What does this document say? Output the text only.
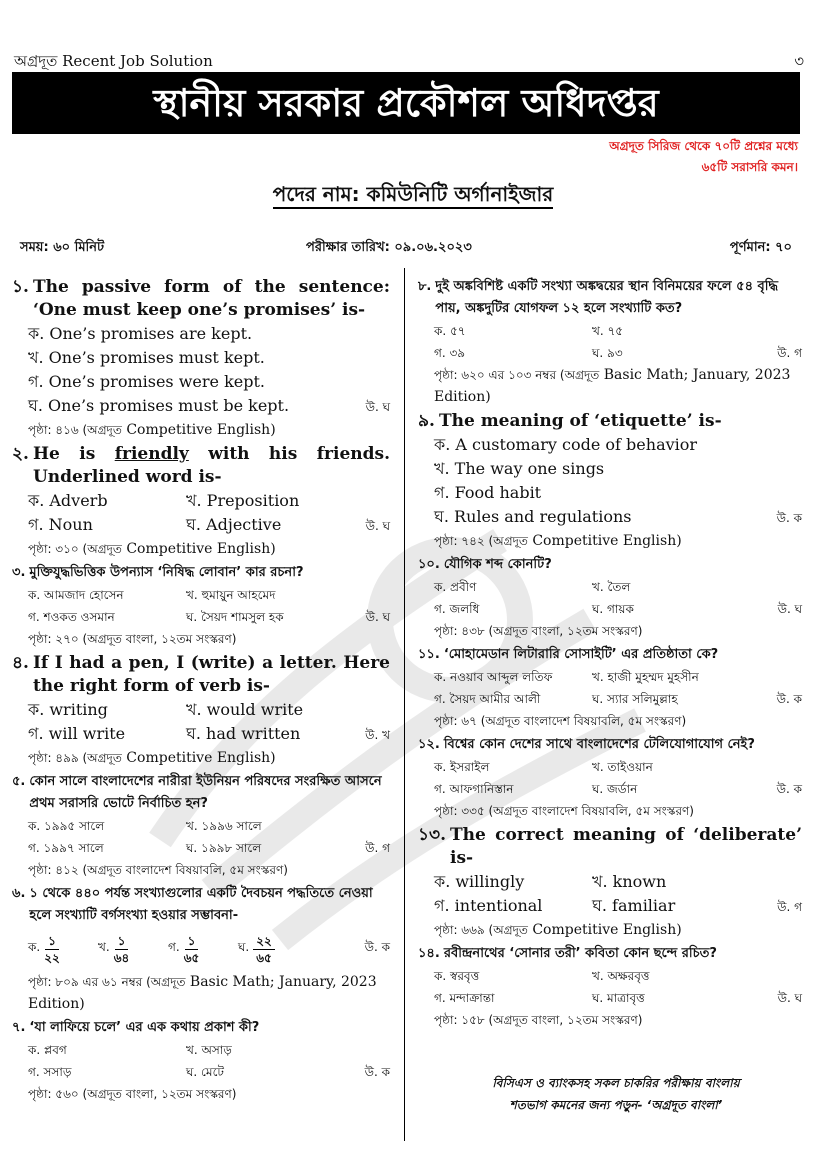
অগ্রদূত Recent Job Solution	৩
স্থানীয় সরকার প্রকৌশল অধিদপ্তর
অগ্রদূত সিরিজ থেকে ৭০টি প্রশ্নের মধ্যে
৬৫টি সরাসরি কমন।
পদের নাম: কমিউনিটি অর্গানাইজার
সময়: ৬০ মিনিট	পরীক্ষার তারিখ: ০৯.০৬.২০২৩	পূর্ণমান: ৭০
১. The passive form of the sentence: ‘One must keep one’s promises’ is-
ক. One’s promises are kept.
খ. One’s promises must kept.
গ. One’s promises were kept.
ঘ. One’s promises must be kept.	উ. ঘ
পৃষ্ঠা: ৪১৬ (অগ্রদূত Competitive English)
২. He is friendly with his friends. Underlined word is-
ক. Adverb	খ. Preposition
গ. Noun	ঘ. Adjective	উ. ঘ
পৃষ্ঠা: ৩১০ (অগ্রদূত Competitive English)
৩. মুক্তিযুদ্ধভিত্তিক উপন্যাস ‘নিষিদ্ধ লোবান’ কার রচনা?
ক. আমজাদ হোসেন	খ. হুমায়ুন আহমেদ
গ. শওকত ওসমান	ঘ. সৈয়দ শামসুল হক	উ. ঘ
পৃষ্ঠা: ২৭০ (অগ্রদূত বাংলা, ১২তম সংস্করণ)
৪. If I had a pen, I (write) a letter. Here the right form of verb is-
ক. writing	খ. would write
গ. will write	ঘ. had written	উ. খ
পৃষ্ঠা: ৪৯৯ (অগ্রদূত Competitive English)
৫. কোন সালে বাংলাদেশের নারীরা ইউনিয়ন পরিষদের সংরক্ষিত আসনে প্রথম সরাসরি ভোটে নির্বাচিত হন?
ক. ১৯৯৫ সালে	খ. ১৯৯৬ সালে
গ. ১৯৯৭ সালে	ঘ. ১৯৯৮ সালে	উ. গ
পৃষ্ঠা: ৪১২ (অগ্রদূত বাংলাদেশ বিষয়াবলি, ৫ম সংস্করণ)
৬. ১ থেকে ৪৪০ পর্যন্ত সংখ্যাগুলোর একটি দৈবচয়ন পদ্ধতিতে নেওয়া হলে সংখ্যাটি বর্গসংখ্যা হওয়ার সম্ভাবনা-
ক. $\frac{১}{২২}$	খ. $\frac{১}{৬৪}$	গ. $\frac{১}{৬৫}$	ঘ. $\frac{২২}{৬৫}$	উ. ক
পৃষ্ঠা: ৮০৯ এর ৬১ নম্বর (অগ্রদূত Basic Math; January, 2023 Edition)
৭. ‘যা লাফিয়ে চলে’ এর এক কথায় প্রকাশ কী?
ক. প্লবগ	খ. অসাড়
গ. সসাড়	ঘ. মেটে	উ. ক
পৃষ্ঠা: ৫৬০ (অগ্রদূত বাংলা, ১২তম সংস্করণ)
৮. দুই অঙ্কবিশিষ্ট একটি সংখ্যা অঙ্কদ্বয়ের স্থান বিনিময়ের ফলে ৫৪ বৃদ্ধি পায়, অঙ্কদুটির যোগফল ১২ হলে সংখ্যাটি কত?
ক. ৫৭	খ. ৭৫
গ. ৩৯	ঘ. ৯৩	উ. গ
পৃষ্ঠা: ৬২০ এর ১০৩ নম্বর (অগ্রদূত Basic Math; January, 2023 Edition)
৯. The meaning of ‘etiquette’ is-
ক. A customary code of behavior
খ. The way one sings
গ. Food habit
ঘ. Rules and regulations	উ. ক
পৃষ্ঠা: ৭৪২ (অগ্রদূত Competitive English)
১০. যৌগিক শব্দ কোনটি?
ক. প্রবীণ	খ. তৈল
গ. জলধি	ঘ. গায়ক	উ. ঘ
পৃষ্ঠা: ৪৩৮ (অগ্রদূত বাংলা, ১২তম সংস্করণ)
১১. ‘মোহামেডান লিটারারি সোসাইটি’ এর প্রতিষ্ঠাতা কে?
ক. নওয়াব আব্দুল লতিফ	খ. হাজী মুহম্মদ মুহসীন
গ. সৈয়দ আমীর আলী	ঘ. স্যার সলিমুল্লাহ	উ. ক
পৃষ্ঠা: ৬৭ (অগ্রদূত বাংলাদেশ বিষয়াবলি, ৫ম সংস্করণ)
১২. বিশ্বের কোন দেশের সাথে বাংলাদেশের টেলিযোগাযোগ নেই?
ক. ইসরাইল	খ. তাইওয়ান
গ. আফগানিস্তান	ঘ. জর্ডান	উ. ক
পৃষ্ঠা: ৩৩৫ (অগ্রদূত বাংলাদেশ বিষয়াবলি, ৫ম সংস্করণ)
১৩. The correct meaning of ‘deliberate’ is-
ক. willingly	খ. known
গ. intentional	ঘ. familiar	উ. গ
পৃষ্ঠা: ৬৬৯ (অগ্রদূত Competitive English)
১৪. রবীন্দ্রনাথের ‘সোনার তরী’ কবিতা কোন ছন্দে রচিত?
ক. স্বরবৃত্ত	খ. অক্ষরবৃত্ত
গ. মন্দাক্রান্তা	ঘ. মাত্রাবৃত্ত	উ. ঘ
পৃষ্ঠা: ১৫৮ (অগ্রদূত বাংলা, ১২তম সংস্করণ)
বিসিএস ও ব্যাংকসহ সকল চাকরির পরীক্ষায় বাংলায়
শতভাগ কমনের জন্য পড়ুন- ‘অগ্রদূত বাংলা’
